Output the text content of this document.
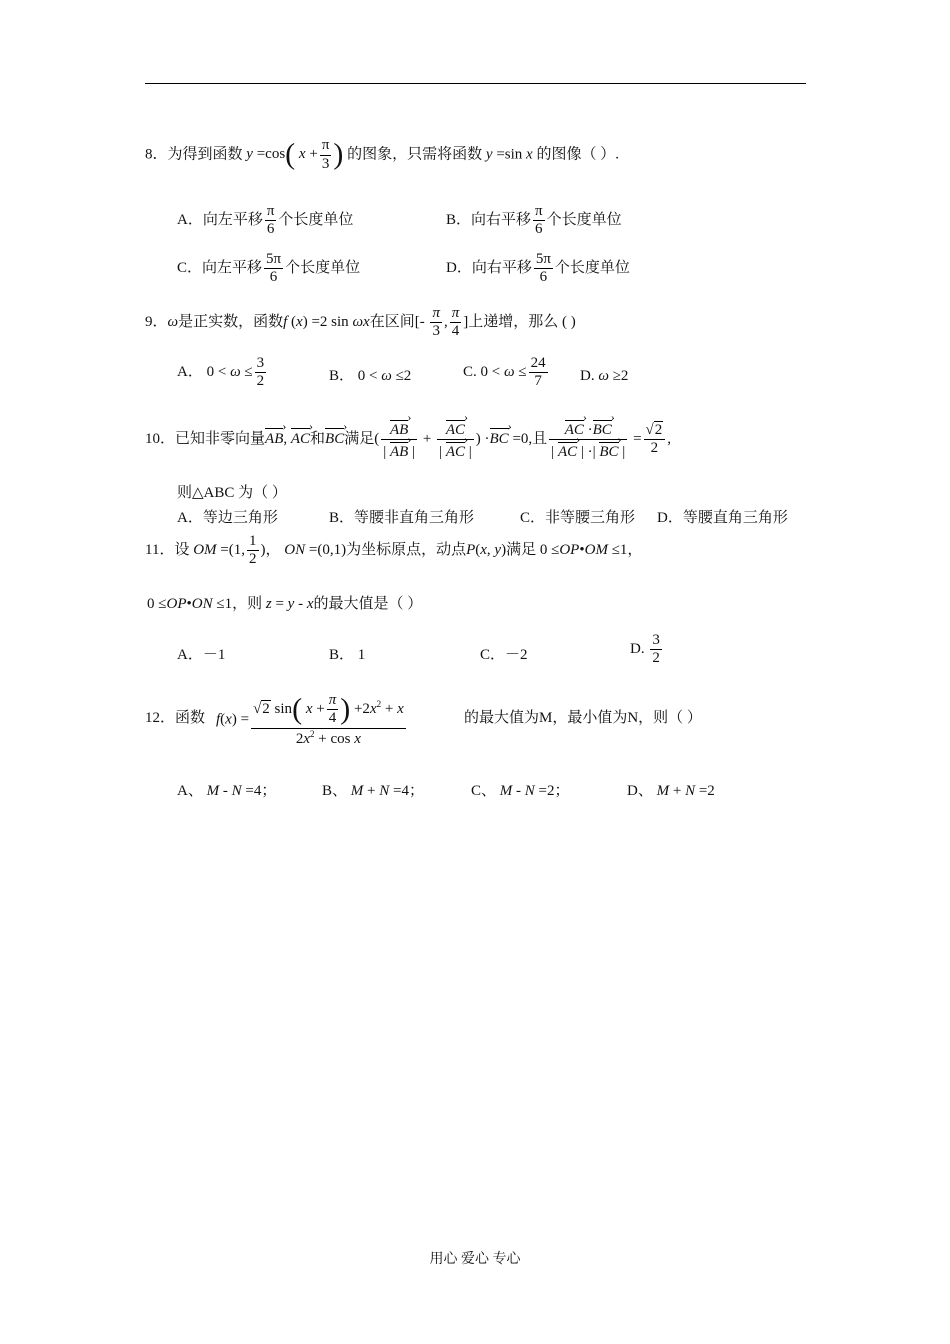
8．为得到函数 y =cos( $x + \frac{\pi}{3}$ ) 的图象，只需将函数 y =sin x 的图像（ ）.
A．向左平移 $\frac{\pi}{6}$ 个长度单位	B．向右平移 $\frac{\pi}{6}$ 个长度单位
C．向左平移 $\frac{5\pi}{6}$ 个长度单位	D．向右平移 $\frac{5\pi}{6}$ 个长度单位
9．ω是正实数，函数f (x) =2 sin ωx在区间[- $\frac{\pi}{3}$ , $\frac{\pi}{4}$ ]上递增，那么 ( )
A． $0 < \omega \le \frac{3}{2}$	B． 0 < ω ≤2	C. $0 < \omega \le \frac{24}{7} D$. ω ≥2
10．已知非零向量AB ›, AC ›和BC ›满足( $\frac{AB ›}{| AB › |} + \frac{AC ›}{| AC › |}$ ) ·BC › =0,且 $\frac{AC › \cdot BC ›}{| AC › | \cdot| BC › |} = \frac{√2}{2}$ ,
则△ABC 为（ ）
A．等边三角形	B．等腰非直角三角形	C．非等腰三角形 D．等腰直角三角形
11．设 OM =(1, $\frac{1}{2}$ )， ON =(0,1)为坐标原点，动点P(x, y)满足 0 ≤OP•OM ≤1，
0 ≤OP•ON ≤1，则 z = y - x的最大值是（ ）
A．－1	B． 1	C．－2	D. $\frac{3}{2}$
12．函数 $f(x) = \frac{√2 \sin( x + \frac{\pi}{4} ) +2x^2 + x}{2x^2 + \cos x}$	的最大值为M，最小值为N，则（ ）
A、 M - N =4；	B、 M + N =4；	C、 M - N =2；	D、 M + N =2
用心 爱心 专心
